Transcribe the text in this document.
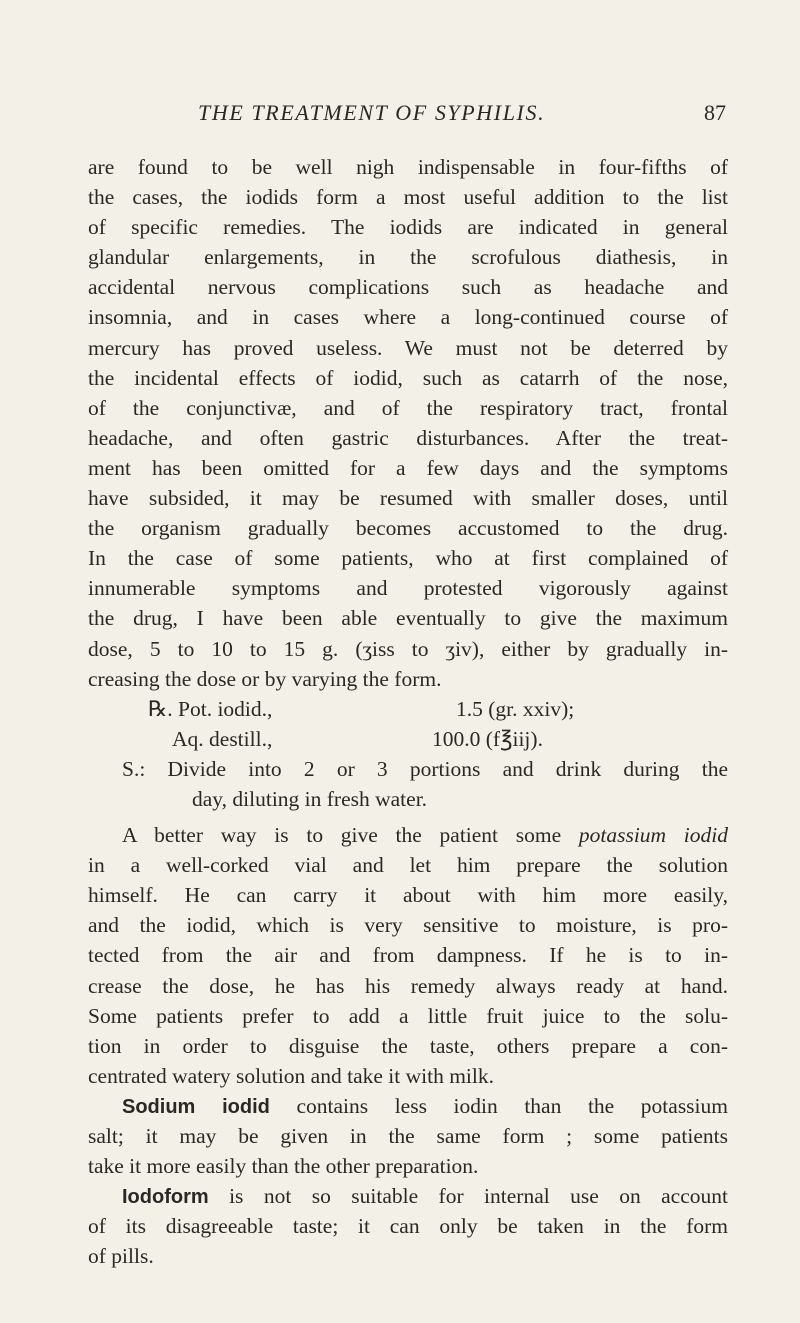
THE TREATMENT OF SYPHILIS.	87
are found to be well nigh indispensable in four-fifths of
the cases, the iodids form a most useful addition to the list
of specific remedies. The iodids are indicated in general
glandular enlargements, in the scrofulous diathesis, in
accidental nervous complications such as headache and
insomnia, and in cases where a long-continued course of
mercury has proved useless. We must not be deterred by
the incidental effects of iodid, such as catarrh of the nose,
of the conjunctivæ, and of the respiratory tract, frontal
headache, and often gastric disturbances. After the treat-
ment has been omitted for a few days and the symptoms
have subsided, it may be resumed with smaller doses, until
the organism gradually becomes accustomed to the drug.
In the case of some patients, who at first complained of
innumerable symptoms and protested vigorously against
the drug, I have been able eventually to give the maximum
dose, 5 to 10 to 15 g. (ʒiss to ʒiv), either by gradually in-
creasing the dose or by varying the form.
℞. Pot. iodid.,	1.5 (gr. xxiv);
Aq. destill.,	100.0 (f℥iij).
S.: Divide into 2 or 3 portions and drink during the
day, diluting in fresh water.
A better way is to give the patient some potassium iodid
in a well-corked vial and let him prepare the solution
himself. He can carry it about with him more easily,
and the iodid, which is very sensitive to moisture, is pro-
tected from the air and from dampness. If he is to in-
crease the dose, he has his remedy always ready at hand.
Some patients prefer to add a little fruit juice to the solu-
tion in order to disguise the taste, others prepare a con-
centrated watery solution and take it with milk.
Sodium iodid contains less iodin than the potassium
salt; it may be given in the same form ; some patients
take it more easily than the other preparation.
Iodoform is not so suitable for internal use on account
of its disagreeable taste; it can only be taken in the form
of pills.
